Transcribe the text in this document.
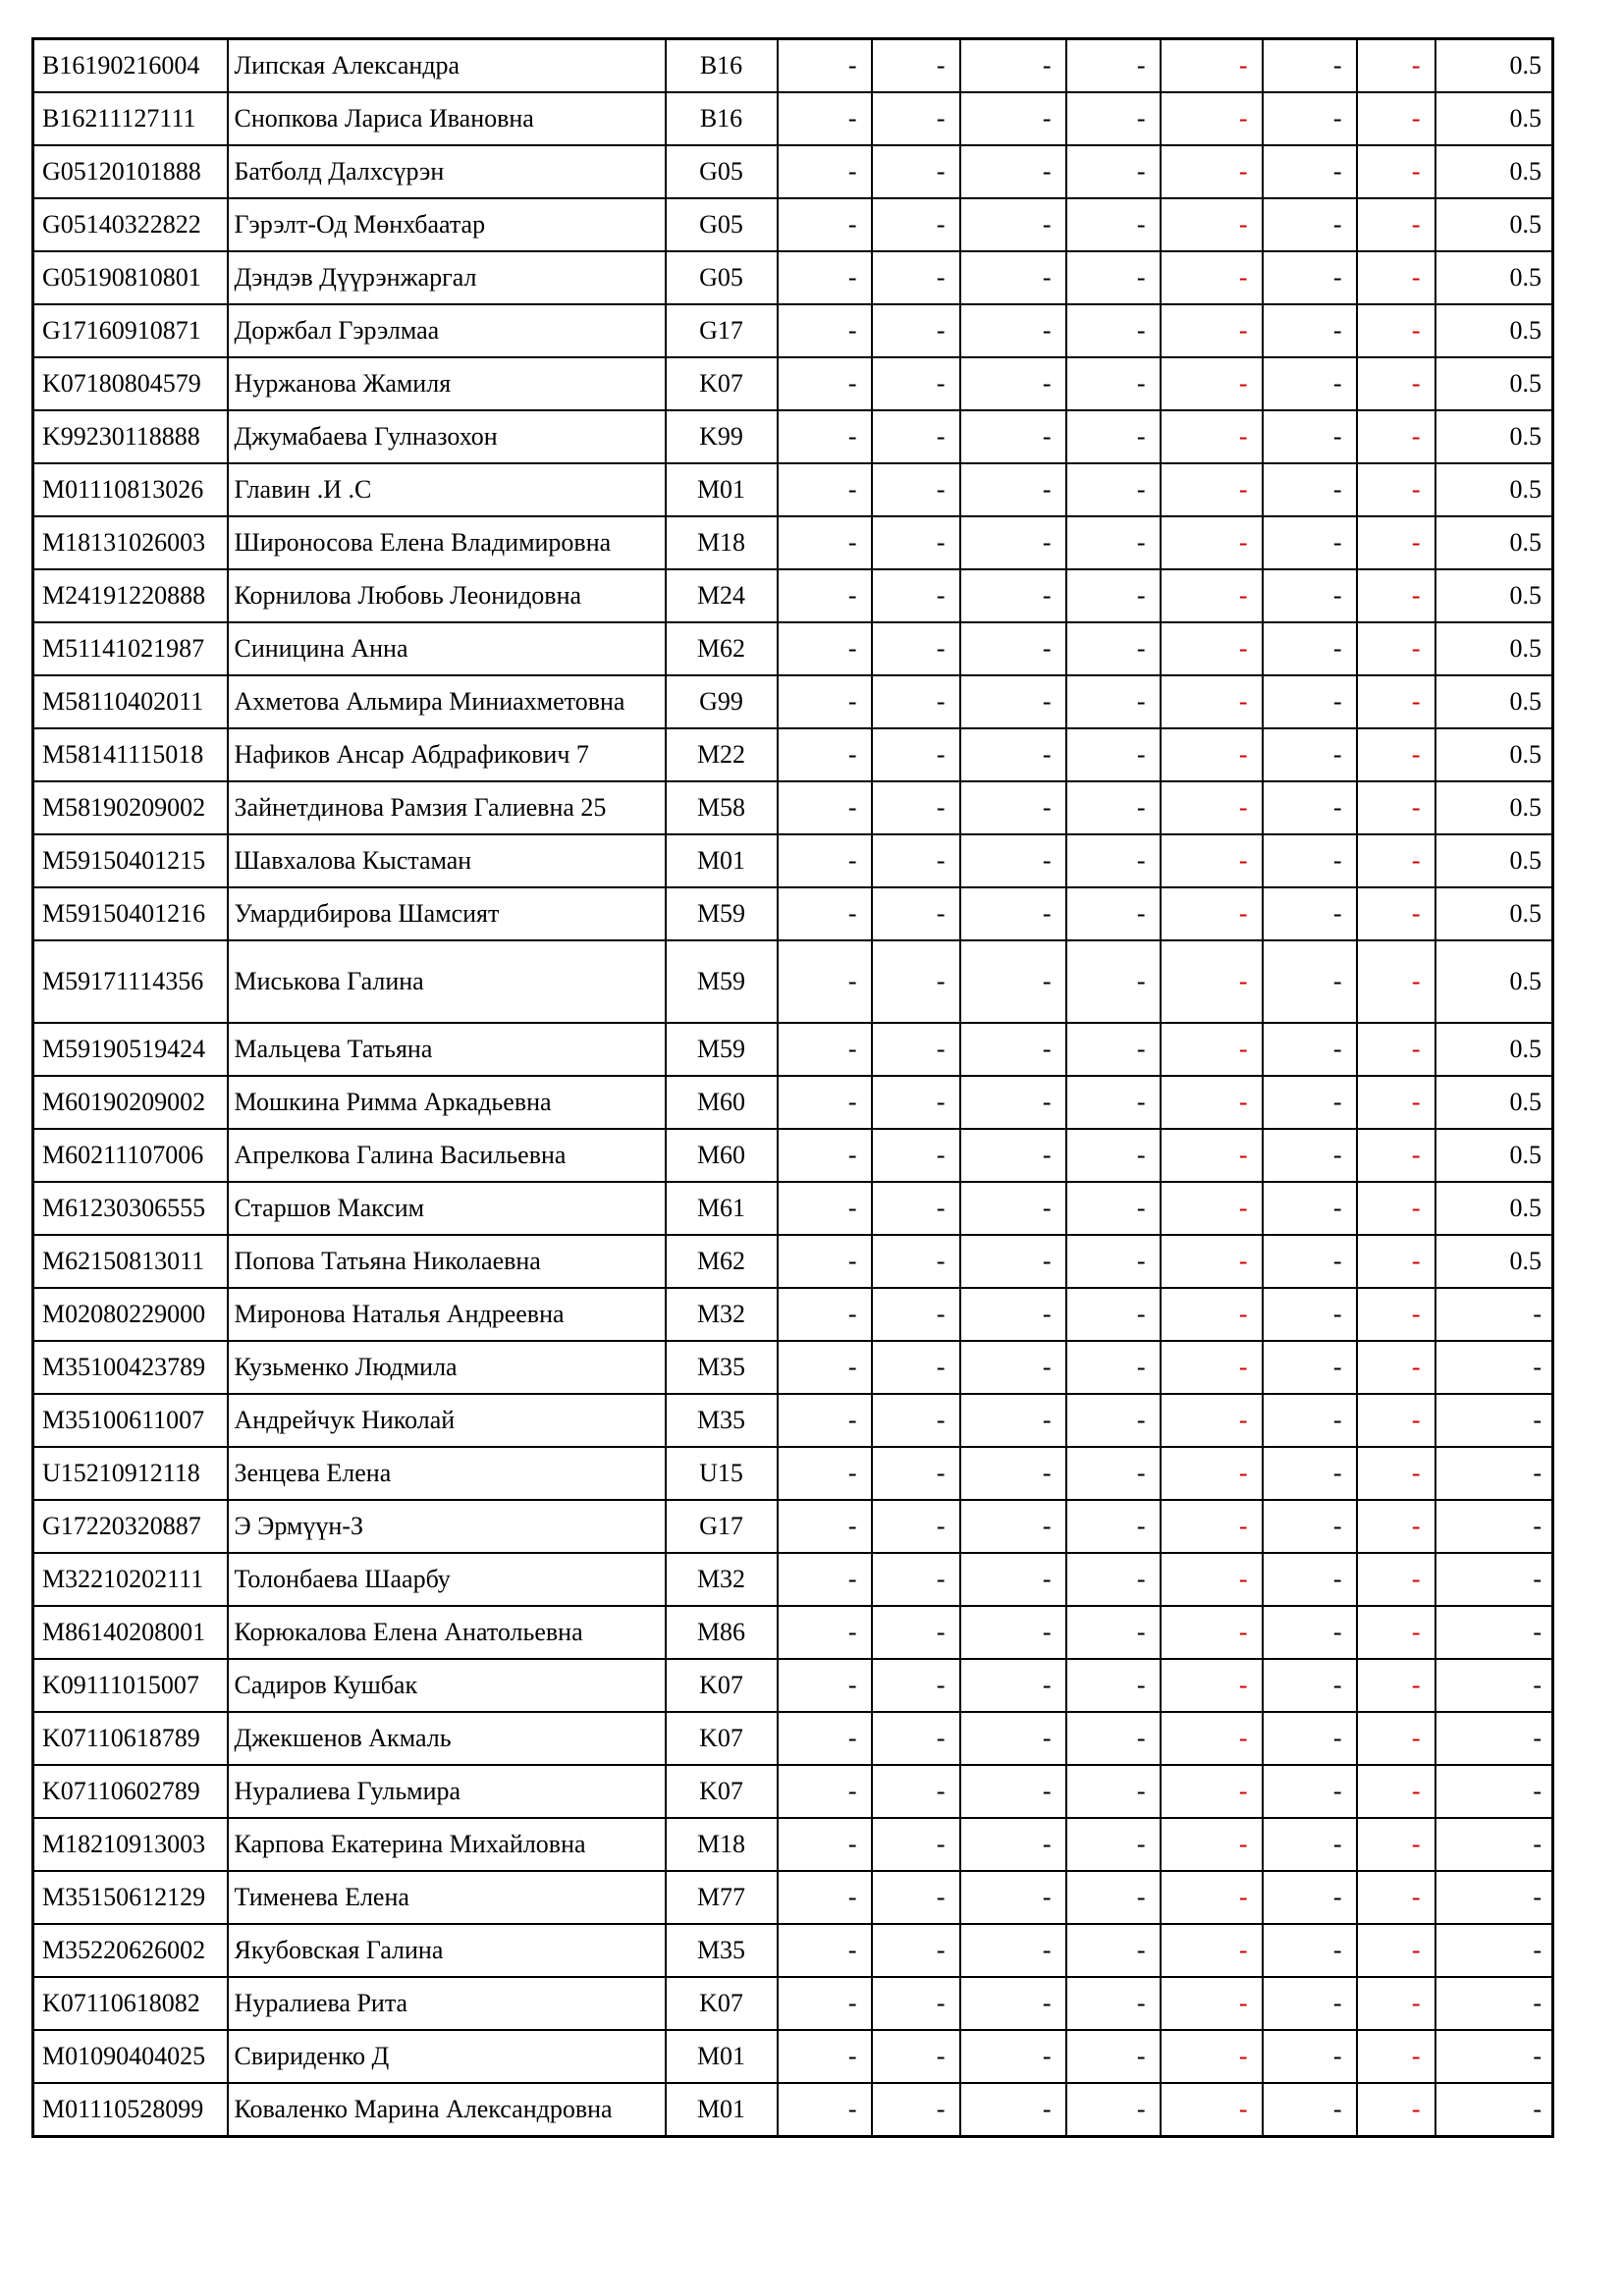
B16190216004	Липская Александра	B16	-	-	-	-	-	-	-	0.5
B16211127111	Снопкова Лариса Ивановна	B16	-	-	-	-	-	-	-	0.5
G05120101888	Батболд Далхсүрэн	G05	-	-	-	-	-	-	-	0.5
G05140322822	Гэрэлт-Од Мөнхбаатар	G05	-	-	-	-	-	-	-	0.5
G05190810801	Дэндэв Дүүрэнжаргал	G05	-	-	-	-	-	-	-	0.5
G17160910871	Доржбал Гэрэлмаа	G17	-	-	-	-	-	-	-	0.5
K07180804579	Нуржанова Жамиля	K07	-	-	-	-	-	-	-	0.5
K99230118888	Джумабаева Гулназохон	K99	-	-	-	-	-	-	-	0.5
M01110813026	Главин .И .С	M01	-	-	-	-	-	-	-	0.5
M18131026003	Широносова Елена Владимировна	M18	-	-	-	-	-	-	-	0.5
M24191220888	Корнилова Любовь Леонидовна	M24	-	-	-	-	-	-	-	0.5
M51141021987	Синицина Анна	M62	-	-	-	-	-	-	-	0.5
M58110402011	Ахметова Альмира Миниахметовна	G99	-	-	-	-	-	-	-	0.5
M58141115018	Нафиков Ансар Абдрафикович 7	M22	-	-	-	-	-	-	-	0.5
M58190209002	Зайнетдинова Рамзия Галиевна 25	M58	-	-	-	-	-	-	-	0.5
M59150401215	Шавхалова Кыстаман	M01	-	-	-	-	-	-	-	0.5
M59150401216	Умардибирова Шамсият	M59	-	-	-	-	-	-	-	0.5
M59171114356	Миськова Галина	M59	-	-	-	-	-	-	-	0.5
M59190519424	Мальцева Татьяна	M59	-	-	-	-	-	-	-	0.5
M60190209002	Мошкина Римма Аркадьевна	M60	-	-	-	-	-	-	-	0.5
M60211107006	Апрелкова Галина Васильевна	M60	-	-	-	-	-	-	-	0.5
M61230306555	Старшов Максим	M61	-	-	-	-	-	-	-	0.5
M62150813011	Попова Татьяна Николаевна	M62	-	-	-	-	-	-	-	0.5
M02080229000	Миронова Наталья Андреевна	M32	-	-	-	-	-	-	-	-
M35100423789	Кузьменко Людмила	M35	-	-	-	-	-	-	-	-
M35100611007	Андрейчук Николай	M35	-	-	-	-	-	-	-	-
U15210912118	Зенцева Елена	U15	-	-	-	-	-	-	-	-
G17220320887	Э Эрмүүн-З	G17	-	-	-	-	-	-	-	-
M32210202111	Толонбаева Шаарбу	M32	-	-	-	-	-	-	-	-
M86140208001	Корюкалова Елена Анатольевна	M86	-	-	-	-	-	-	-	-
K09111015007	Садиров Кушбак	K07	-	-	-	-	-	-	-	-
K07110618789	Джекшенов Акмаль	K07	-	-	-	-	-	-	-	-
K07110602789	Нуралиева Гульмира	K07	-	-	-	-	-	-	-	-
M18210913003	Карпова Екатерина Михайловна	M18	-	-	-	-	-	-	-	-
M35150612129	Тименева Елена	M77	-	-	-	-	-	-	-	-
M35220626002	Якубовская Галина	M35	-	-	-	-	-	-	-	-
K07110618082	Нуралиева Рита	K07	-	-	-	-	-	-	-	-
M01090404025	Свириденко Д	M01	-	-	-	-	-	-	-	-
M01110528099	Коваленко Марина Александровна	M01	-	-	-	-	-	-	-	-
